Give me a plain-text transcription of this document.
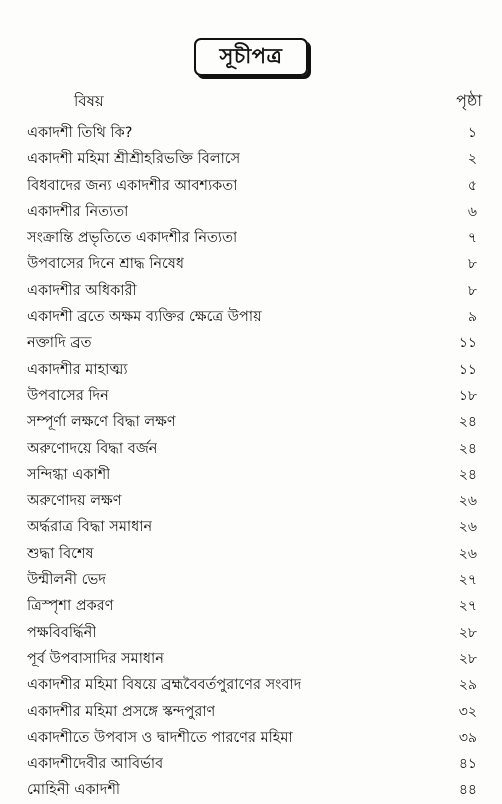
সূচীপত্র
বিষয়	পৃষ্ঠা
একাদশী তিথি কি?	১
একাদশী মহিমা শ্রীশ্রীহরিভক্তি বিলাসে	২
বিধবাদের জন্য একাদশীর আবশ্যকতা	৫
একাদশীর নিত্যতা	৬
সংক্রান্তি প্রভৃতিতে একাদশীর নিত্যতা	৭
উপবাসের দিনে শ্রাদ্ধ নিষেধ	৮
একাদশীর অধিকারী	৮
একাদশী ব্রতে অক্ষম ব্যক্তির ক্ষেত্রে উপায়	৯
নক্তাদি ব্রত	১১
একাদশীর মাহাত্ম্য	১১
উপবাসের দিন	১৮
সম্পূর্ণা লক্ষণে বিদ্ধা লক্ষণ	২৪
অরুণোদয়ে বিদ্ধা বর্জন	২৪
সন্দিগ্ধা একাশী	২৪
অরুণোদয় লক্ষণ	২৬
অর্দ্ধরাত্র বিদ্ধা সমাধান	২৬
শুদ্ধা বিশেষ	২৬
উন্মীলনী ভেদ	২৭
ত্রিস্পৃশা প্রকরণ	২৭
পক্ষবিবর্দ্ধিনী	২৮
পূর্ব উপবাসাদির সমাধান	২৮
একাদশীর মহিমা বিষয়ে ব্রহ্মবৈবর্তপুরাণের সংবাদ	২৯
একাদশীর মহিমা প্রসঙ্গে স্কন্দপুরাণ	৩২
একাদশীতে উপবাস ও দ্বাদশীতে পারণের মহিমা	৩৯
একাদশীদেবীর আবির্ভাব	৪১
মোহিনী একাদশী	৪৪
